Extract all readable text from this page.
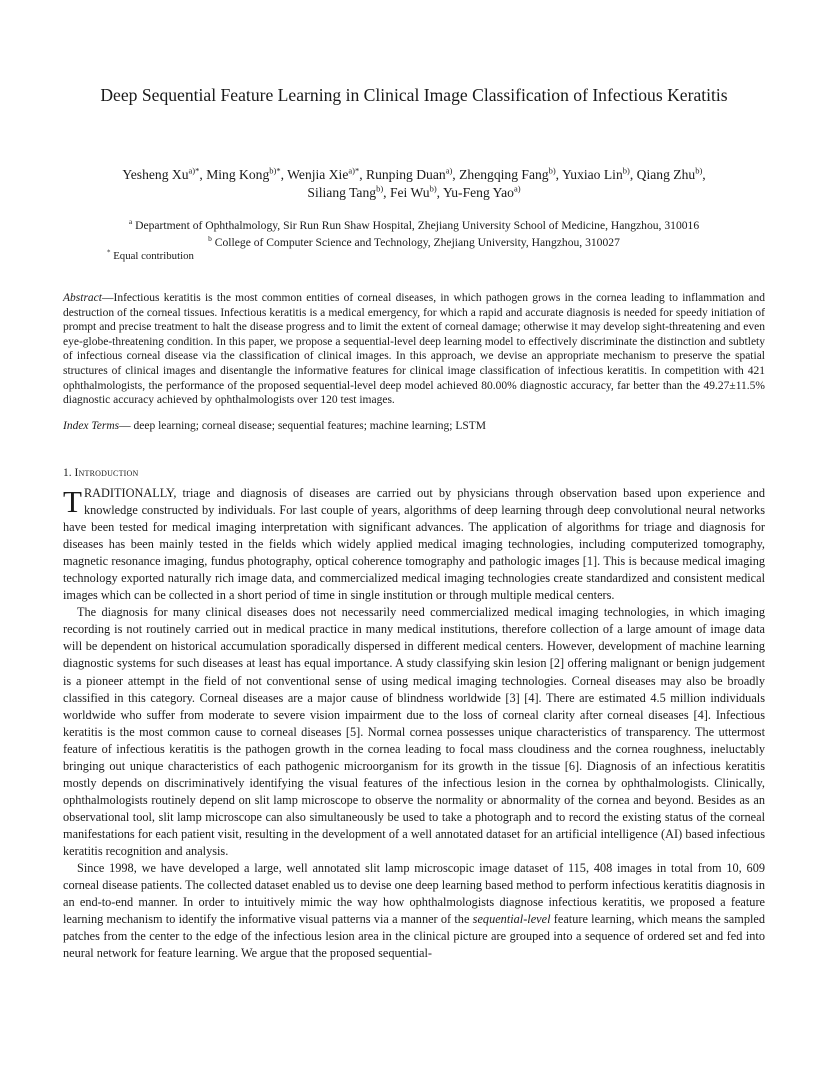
Deep Sequential Feature Learning in Clinical Image Classification of Infectious Keratitis
Yesheng $Xu^{a)*}$, Ming Kong$^{b)*}$, Wenjia Xie$^{a)*}$, Runping Duan$^{a)}$, Zhengqing Fang$^{b)}$, Yuxiao Lin$^{b)}$, Qiang Zhu$^{b)}$, Siliang Tang$^{b)}$, Fei Wu$^{b)}$, Yu-Feng Yao$^{a)}$
$^a$ Department of Ophthalmology, Sir Run Run Shaw Hospital, Zhejiang University School of Medicine, Hangzhou, 310016
$^b$ College of Computer Science and Technology, Zhejiang University, Hangzhou, 310027
* Equal contribution
Abstract—Infectious keratitis is the most common entities of corneal diseases, in which pathogen grows in the cornea leading to inflammation and destruction of the corneal tissues. Infectious keratitis is a medical emergency, for which a rapid and accurate diagnosis is needed for speedy initiation of prompt and precise treatment to halt the disease progress and to limit the extent of corneal damage; otherwise it may develop sight-threatening and even eye-globe-threatening condition. In this paper, we propose a sequential-level deep learning model to effectively discriminate the distinction and subtlety of infectious corneal disease via the classification of clinical images. In this approach, we devise an appropriate mechanism to preserve the spatial structures of clinical images and disentangle the informative features for clinical image classification of infectious keratitis. In competition with 421 ophthalmologists, the performance of the proposed sequential-level deep model achieved 80.00% diagnostic accuracy, far better than the 49.27±11.5% diagnostic accuracy achieved by ophthalmologists over 120 test images.
Index Terms— deep learning; corneal disease; sequential features; machine learning; LSTM
1. Introduction

TRADITIONALLY, triage and diagnosis of diseases are carried out by physicians through observation based upon experience and knowledge constructed by individuals. For last couple of years, algorithms of deep learning through deep convolutional neural networks have been tested for medical imaging interpretation with significant advances. The application of algorithms for triage and diagnosis for diseases has been mainly tested in the fields which widely applied medical imaging technologies, including computerized tomography, magnetic resonance imaging, fundus photography, optical coherence tomography and pathologic images [1]. This is because medical imaging technology exported naturally rich image data, and commercialized medical imaging technologies create standardized and consistent medical images which can be collected in a short period of time in single institution or through multiple medical centers.

The diagnosis for many clinical diseases does not necessarily need commercialized medical imaging technologies, in which imaging recording is not routinely carried out in medical practice in many medical institutions, therefore collection of a large amount of image data will be dependent on historical accumulation sporadically dispersed in different medical centers. However, development of machine learning diagnostic systems for such diseases at least has equal importance. A study classifying skin lesion [2] offering malignant or benign judgement is a pioneer attempt in the field of not conventional sense of using medical imaging technologies. Corneal diseases may also be broadly classified in this category. Corneal diseases are a major cause of blindness worldwide [3] [4]. There are estimated 4.5 million individuals worldwide who suffer from moderate to severe vision impairment due to the loss of corneal clarity after corneal diseases [4]. Infectious keratitis is the most common cause to corneal diseases [5]. Normal cornea possesses unique characteristics of transparency. The uttermost feature of infectious keratitis is the pathogen growth in the cornea leading to focal mass cloudiness and the cornea roughness, ineluctably bringing out unique characteristics of each pathogenic microorganism for its growth in the tissue [6]. Diagnosis of an infectious keratitis mostly depends on discriminatively identifying the visual features of the infectious lesion in the cornea by ophthalmologists. Clinically, ophthalmologists routinely depend on slit lamp microscope to observe the normality or abnormality of the cornea and beyond. Besides as an observational tool, slit lamp microscope can also simultaneously be used to take a photograph and to record the existing status of the corneal manifestations for each patient visit, resulting in the development of a well annotated dataset for an artificial intelligence (AI) based infectious keratitis recognition and analysis.

Since 1998, we have developed a large, well annotated slit lamp microscopic image dataset of 115, 408 images in total from 10, 609 corneal disease patients. The collected dataset enabled us to devise one deep learning based method to perform infectious keratitis diagnosis in an end-to-end manner. In order to intuitively mimic the way how ophthalmologists diagnose infectious keratitis, we proposed a feature learning mechanism to identify the informative visual patterns via a manner of the sequential-level feature learning, which means the sampled patches from the center to the edge of the infectious lesion area in the clinical picture are grouped into a sequence of ordered set and fed into neural network for feature learning. We argue that the proposed sequential-
